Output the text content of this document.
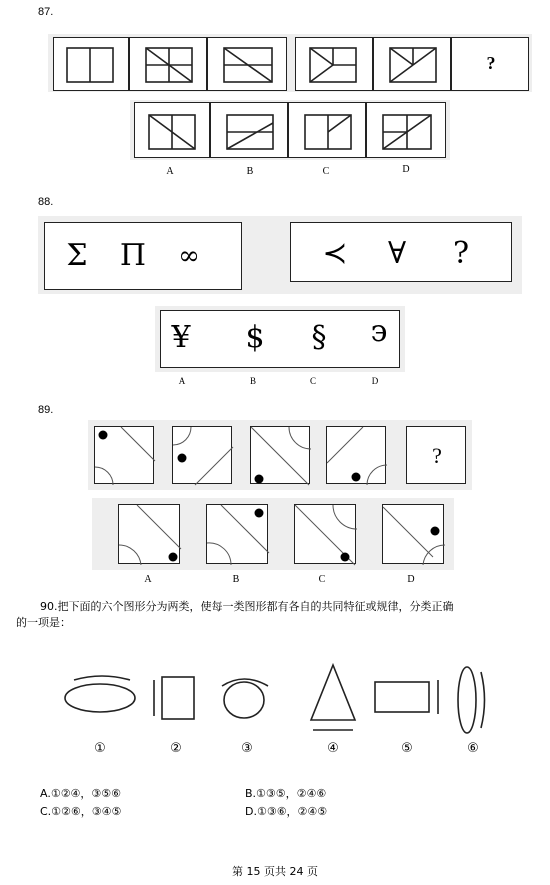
87.
?
A	B	C	D
88.
Σ	Π	∞	≺	∀	?
¥	$	§	϶
A	B	C	D
89.
?
A	B	C	D
90.把下面的六个图形分为两类，使每一类图形都有各自的共同特征或规律，分类正确
的一项是：
①	②	③	④	⑤	⑥
A.①②④，③⑤⑥	B.①③⑤，②④⑥
C.①②⑥，③④⑤	D.①③⑥，②④⑤
第 15 页共 24 页
